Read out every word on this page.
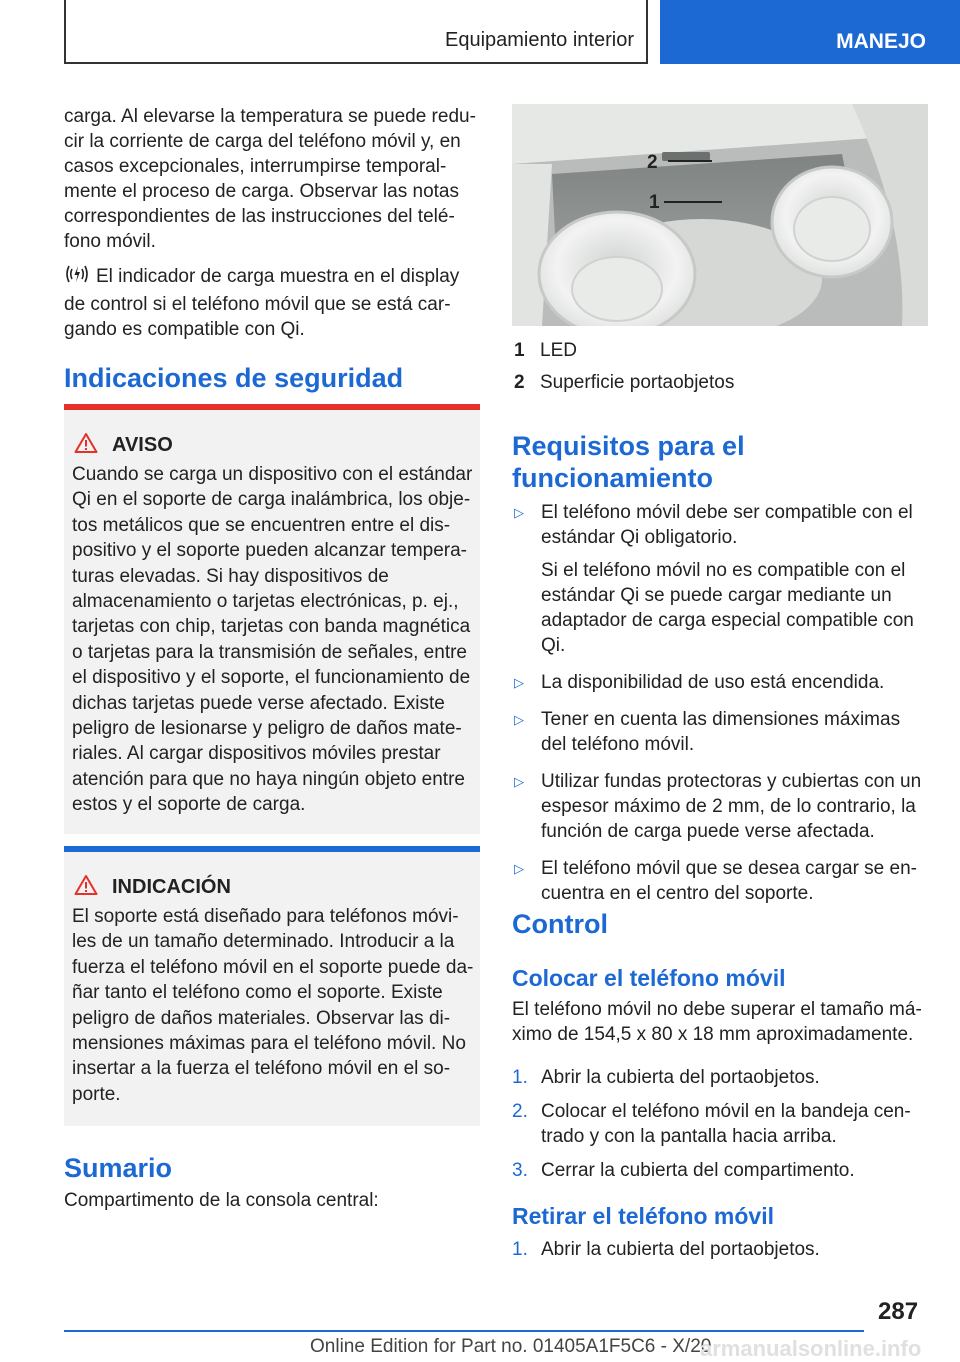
Equipamiento interior	MANEJO

carga. Al elevarse la temperatura se puede redu-cir la corriente de carga del teléfono móvil y, en casos excepcionales, interrumpirse temporal-mente el proceso de carga. Observar las notas correspondientes de las instrucciones del telé-fono móvil.

El indicador de carga muestra en el display de control si el teléfono móvil que se está car-gando es compatible con Qi.

Indicaciones de seguridad
AVISO
Cuando se carga un dispositivo con el estándar Qi en el soporte de carga inalámbrica, los obje-tos metálicos que se encuentren entre el dis-positivo y el soporte pueden alcanzar tempera-turas elevadas. Si hay dispositivos de almacenamiento o tarjetas electrónicas, p. ej., tarjetas con chip, tarjetas con banda magnética o tarjetas para la transmisión de señales, entre el dispositivo y el soporte, el funcionamiento de dichas tarjetas puede verse afectado. Existe peligro de lesionarse y peligro de daños mate-riales. Al cargar dispositivos móviles prestar atención para que no haya ningún objeto entre estos y el soporte de carga.
INDICACIÓN
El soporte está diseñado para teléfonos móvi-les de un tamaño determinado. Introducir a la fuerza el teléfono móvil en el soporte puede da-ñar tanto el teléfono como el soporte. Existe peligro de daños materiales. Observar las di-mensiones máximas para el teléfono móvil. No insertar a la fuerza el teléfono móvil en el so-porte.
Sumario

Compartimento de la consola central:

2
1
1 LED
2 Superficie portaobjetos
Requisitos para el funcionamiento
▷ El teléfono móvil debe ser compatible con el estándar Qi obligatorio.
Si el teléfono móvil no es compatible con el estándar Qi se puede cargar mediante un adaptador de carga especial compatible con Qi.
▷ La disponibilidad de uso está encendida.
▷ Tener en cuenta las dimensiones máximas del teléfono móvil.
▷ Utilizar fundas protectoras y cubiertas con un espesor máximo de 2 mm, de lo contrario, la función de carga puede verse afectada.
▷ El teléfono móvil que se desea cargar se en-cuentra en el centro del soporte.
Control
Colocar el teléfono móvil

El teléfono móvil no debe superar el tamaño má-ximo de 154,5 x 80 x 18 mm aproximadamente.

1. Abrir la cubierta del portaobjetos.
2. Colocar el teléfono móvil en la bandeja cen-trado y con la pantalla hacia arriba.
3. Cerrar la cubierta del compartimento.
Retirar el teléfono móvil
1. Abrir la cubierta del portaobjetos.
287
Online Edition for Part no. 01405A1F5C6 - X/20
armanualsonline.info
